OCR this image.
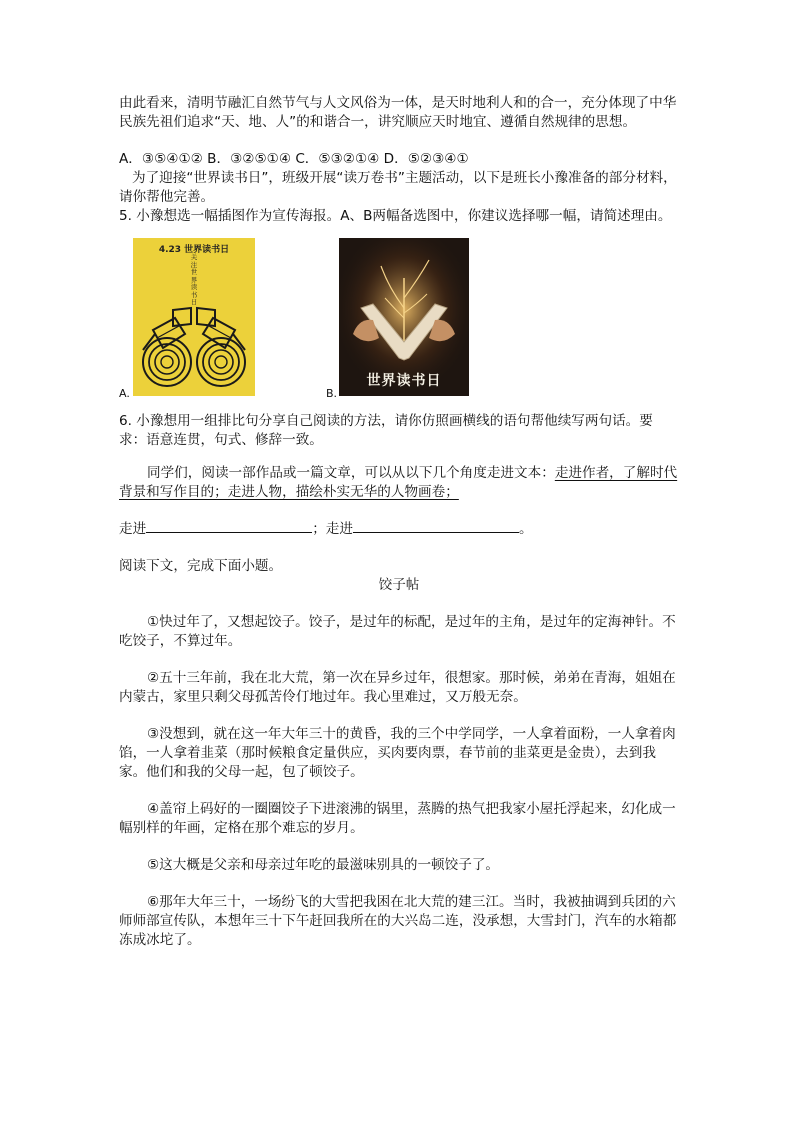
由此看来，清明节融汇自然节气与人文风俗为一体，是天时地利人和的合一，充分体现了中华民族先祖们追求“天、地、人”的和谐合一，讲究顺应天时地宜、遵循自然规律的思想。

A．③⑤④①② B．③②⑤①④ C．⑤③②①④ D．⑤②③④①

为了迎接“世界读书日”，班级开展“读万卷书”主题活动，以下是班长小豫准备的部分材料，请你帮他完善。

5. 小豫想选一幅插图作为宣传海报。A、B两幅备选图中，你建议选择哪一幅，请简述理由。

4.23 世界读书日
关注世界读书日
世界读书日
A.	B.

6. 小豫想用一组排比句分享自己阅读的方法，请你仿照画横线的语句帮他续写两句话。要求：语意连贯，句式、修辞一致。

同学们，阅读一部作品或一篇文章，可以从以下几个角度走进文本：走进作者，了解时代背景和写作目的；走进人物，描绘朴实无华的人物画卷；

走进	；走进	。

阅读下文，完成下面小题。

饺子帖

①快过年了，又想起饺子。饺子，是过年的标配，是过年的主角，是过年的定海神针。不吃饺子，不算过年。

②五十三年前，我在北大荒，第一次在异乡过年，很想家。那时候，弟弟在青海，姐姐在内蒙古，家里只剩父母孤苦伶仃地过年。我心里难过，又万般无奈。

③没想到，就在这一年大年三十的黄昏，我的三个中学同学，一人拿着面粉，一人拿着肉馅，一人拿着韭菜（那时候粮食定量供应，买肉要肉票，春节前的韭菜更是金贵），去到我家。他们和我的父母一起，包了顿饺子。

④盖帘上码好的一圈圈饺子下进滚沸的锅里，蒸腾的热气把我家小屋托浮起来，幻化成一幅别样的年画，定格在那个难忘的岁月。

⑤这大概是父亲和母亲过年吃的最滋味别具的一顿饺子了。

⑥那年大年三十，一场纷飞的大雪把我困在北大荒的建三江。当时，我被抽调到兵团的六师师部宣传队，本想年三十下午赶回我所在的大兴岛二连，没承想，大雪封门，汽车的水箱都冻成冰坨了。
